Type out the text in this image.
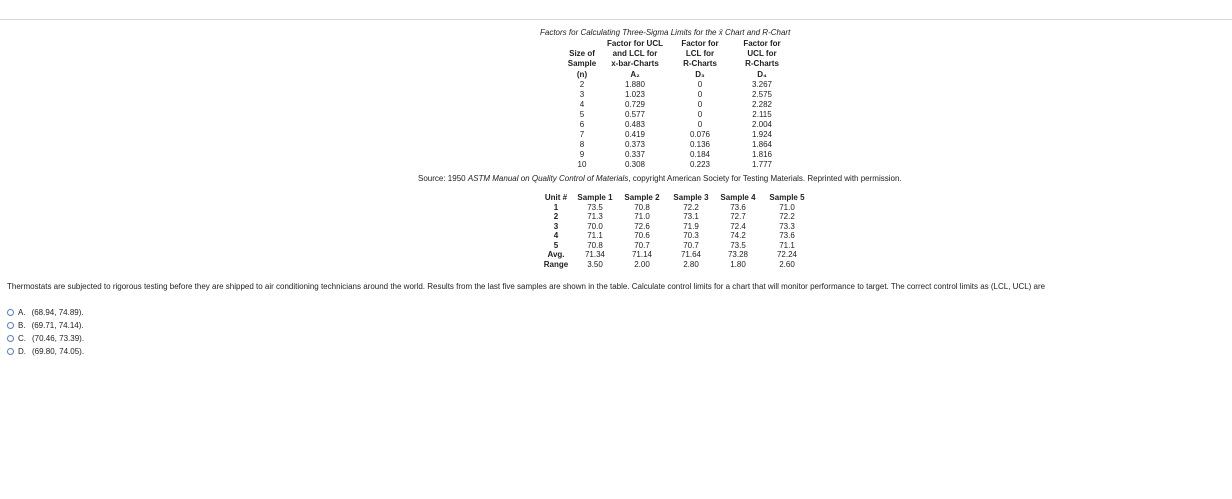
Factors for Calculating Three-Sigma Limits for the x̄ Chart and R-Chart
Size of
Sample
Factor for UCL
and LCL for
x-bar-Charts
Factor for
LCL for
R-Charts
Factor for
UCL for
R-Charts
(n)
2
3
4
5
6
7
8
9
10
A₂
1.880
1.023
0.729
0.577
0.483
0.419
0.373
0.337
0.308
D₃
0
0
0
0
0
0.076
0.136
0.184
0.223
D₄
3.267
2.575
2.282
2.115
2.004
1.924
1.864
1.816
1.777
Source: 1950 ASTM Manual on Quality Control of Materials, copyright American Society for Testing Materials. Reprinted with permission.
Unit #
1
2
3
4
5
Avg.
Range
Sample 1
73.5
71.3
70.0
71.1
70.8
71.34
3.50
Sample 2
70.8
71.0
72.6
70.6
70.7
71.14
2.00
Sample 3
72.2
73.1
71.9
70.3
70.7
71.64
2.80
Sample 4
73.6
72.7
72.4
74.2
73.5
73.28
1.80
Sample 5
71.0
72.2
73.3
73.6
71.1
72.24
2.60
Thermostats are subjected to rigorous testing before they are shipped to air conditioning technicians around the world. Results from the last five samples are shown in the table. Calculate control limits for a chart that will monitor performance to target. The correct control limits as (LCL, UCL) are
A. (68.94, 74.89).
B. (69.71, 74.14).
C. (70.46, 73.39).
D. (69.80, 74.05).
